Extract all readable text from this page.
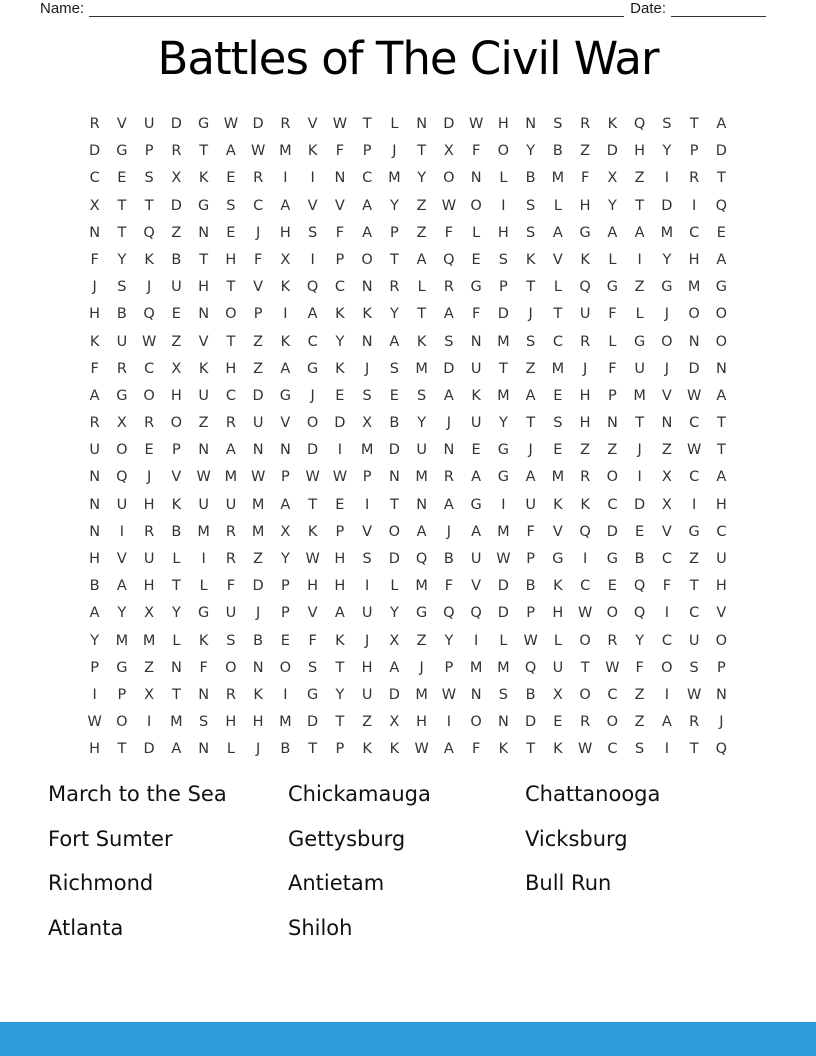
Name:	Date:
Battles of The Civil War
R	V	U	D	G W D	R	V	W	T	L	N	D	W	H	N	S	R	K	Q	S	T	A
D	G	P	R	T	A	W M	K	F	P	J	T	X	F	O	Y	B	Z	D	H	Y	P	D
C	E	S	X	K	E	R	I	I	N	C	M	Y	O	N	L	B	M	F	X	Z	I	R	T
X	T	T	D	G	S	C	A	V	V	A	Y	Z	W O	I	S	L	H	Y	T	D	I	Q
N	T	Q	Z	N	E	J	H	S	F	A	P	Z	F	L	H	S	A	G	A	A	M	C	E
F	Y	K	B	T	H	F	X	I	P	O	T	A	Q	E	S	K	V	K	L	I	Y	H	A
J	S	J	U	H	T	V	K	Q	C	N	R	L	R	G	P	T	L	Q	G	Z	G	M	G
H	B	Q	E	N	O	P	I	A	K	K	Y	T	A	F	D	J	T	U	F	L	J	O	O
K	U	W	Z	V	T	Z	K	C	Y	N	A	K	S	N	M	S	C	R	L	G	O	N	O
F	R	C	X	K	H	Z	A	G	K	J	S	M	D	U	T	Z	M	J	F	U	J	D	N
A	G	O	H	U	C	D	G	J	E	S	E	S	A	K	M	A	E	H	P	M	V	W	A
R	X	R	O	Z	R	U	V	O	D	X	B	Y	J	U	Y	T	S	H	N	T	N	C	T
U	O	E	P	N	A	N	N	D	I	M	D	U	N	E	G	J	E	Z	Z	J	Z	W	T
N	Q	J	V	W M W	P	W W	P	N	M	R	A	G	A	M	R	O	I	X	C	A
N	U	H	K	U	U	M	A	T	E	I	T	N	A	G	I	U	K	K	C	D	X	I	H
N	I	R	B	M	R	M	X	K	P	V	O	A	J	A	M	F	V	Q	D	E	V	G	C
H	V	U	L	I	R	Z	Y	W	H	S	D	Q	B	U	W	P	G	I	G	B	C	Z	U
B	A	H	T	L	F	D	P	H	H	I	L	M	F	V	D	B	K	C	E	Q	F	T	H
A	Y	X	Y	G	U	J	P	V	A	U	Y	G	Q	Q	D	P	H	W O	Q	I	C	V
Y	M	M	L	K	S	B	E	F	K	J	X	Z	Y	I	L	W	L	O	R	Y	C	U	O
P	G	Z	N	F	O	N	O	S	T	H	A	J	P	M	M	Q	U	T	W	F	O	S	P
I	P	X	T	N	R	K	I	G	Y	U	D	M W	N	S	B	X	O	C	Z	I	W	N
W O	I	M	S	H	H	M	D	T	Z	X	H	I	O	N	D	E	R	O	Z	A	R	J
H	T	D	A	N	L	J	B	T	P	K	K	W	A	F	K	T	K	W	C	S	I	T	Q
March to the Sea
Fort Sumter
Richmond
Atlanta
Chickamauga
Gettysburg
Antietam
Shiloh
Chattanooga
Vicksburg
Bull Run
